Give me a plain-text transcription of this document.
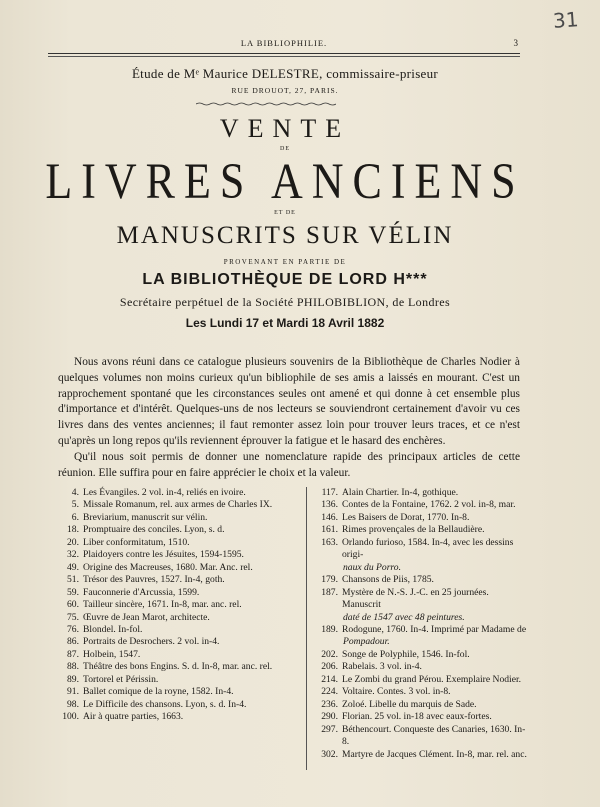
31
LA BIBLIOPHILIE.	3
Étude de Mᵉ Maurice DELESTRE, commissaire-priseur
RUE DROUOT, 27, PARIS.
VENTE
DE
LIVRES ANCIENS
ET DE
MANUSCRITS SUR VÉLIN
PROVENANT EN PARTIE DE
LA BIBLIOTHÈQUE DE LORD H***
Secrétaire perpétuel de la Société PHILOBIBLION, de Londres
Les Lundi 17 et Mardi 18 Avril 1882

Nous avons réuni dans ce catalogue plusieurs souvenirs de la Bibliothèque de Charles Nodier à quelques volumes non moins curieux qu'un bibliophile de ses amis a laissés en mourant. C'est un rapprochement spontané que les circonstances seules ont amené et qui donne à cet ensemble plus d'importance et d'intérêt. Quelques-uns de nos lecteurs se souviendront certainement d'avoir vu ces livres dans des ventes anciennes; il faut remonter assez loin pour trouver leurs traces, et ce n'est qu'après un long repos qu'ils reviennent éprouver la fatigue et le hasard des enchères.

Qu'il nous soit permis de donner une nomenclature rapide des principaux articles de cette réunion. Elle suffira pour en faire apprécier le choix et la valeur.

4. Les Évangiles. 2 vol. in-4, reliés en ivoire.
5. Missale Romanum, rel. aux armes de Charles IX.
6. Breviarium, manuscrit sur vélin.
18. Promptuaire des conciles. Lyon, s. d.
20. Liber conformitatum, 1510.
32. Plaidoyers contre les Jésuites, 1594-1595.
49. Origine des Macreuses, 1680. Mar. Anc. rel.
51. Trésor des Pauvres, 1527. In-4, goth.
59. Fauconnerie d'Arcussia, 1599.
60. Tailleur sincère, 1671. In-8, mar. anc. rel.
75. Œuvre de Jean Marot, architecte.
76. Blondel. In-fol.
86. Portraits de Desrochers. 2 vol. in-4.
87. Holbein, 1547.
88. Théâtre des bons Engins. S. d. In-8, mar. anc. rel.
89. Tortorel et Périssin.
91. Ballet comique de la royne, 1582. In-4.
98. Le Difficile des chansons. Lyon, s. d. In-4.
100. Air à quatre parties, 1663.
117. Alain Chartier. In-4, gothique.
136. Contes de la Fontaine, 1762. 2 vol. in-8, mar.
146. Les Baisers de Dorat, 1770. In-8.
161. Rimes provençales de la Bellaudière.
163. Orlando furioso, 1584. In-4, avec les dessins origi-
naux du Porro.
179. Chansons de Piis, 1785.
187. Mystère de N.-S. J.-C. en 25 journées. Manuscrit
daté de 1547 avec 48 peintures.
189. Rodogune, 1760. In-4. Imprimé par Madame de
Pompadour.
202. Songe de Polyphile, 1546. In-fol.
206. Rabelais. 3 vol. in-4.
214. Le Zombi du grand Pérou. Exemplaire Nodier.
224. Voltaire. Contes. 3 vol. in-8.
236. Zoloé. Libelle du marquis de Sade.
290. Florian. 25 vol. in-18 avec eaux-fortes.
297. Béthencourt. Conqueste des Canaries, 1630. In-8.
302. Martyre de Jacques Clément. In-8, mar. rel. anc.
